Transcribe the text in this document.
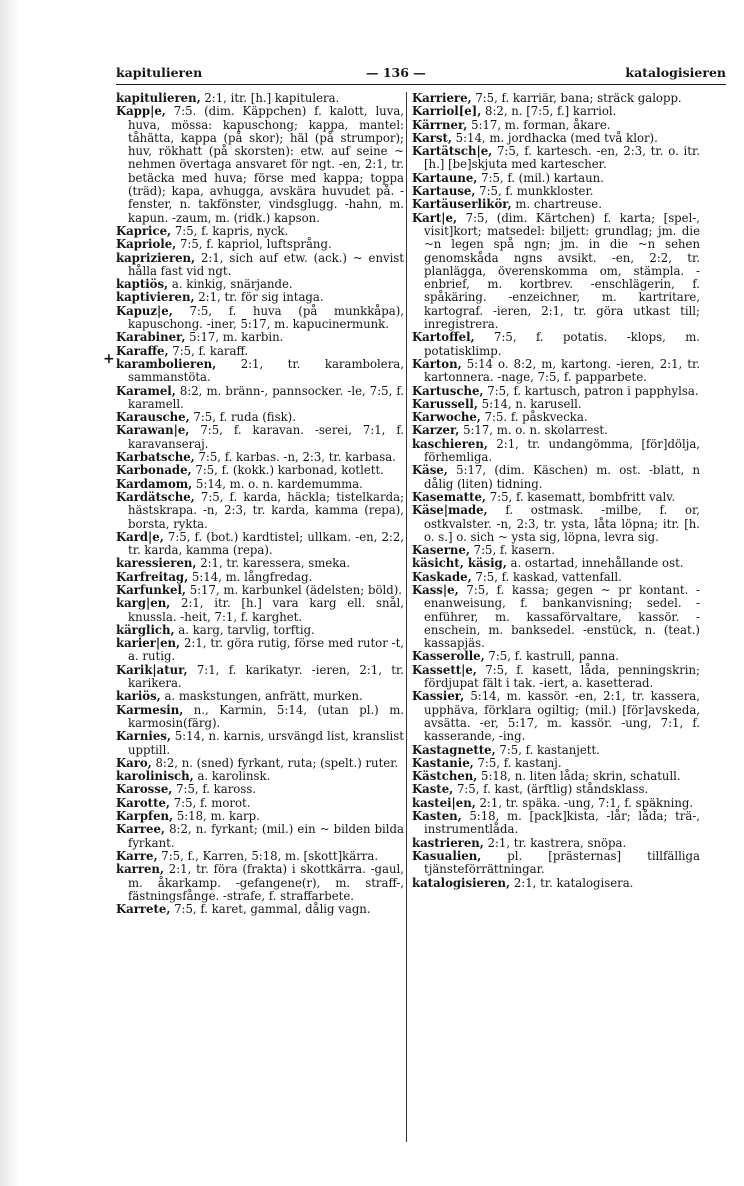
kapitulieren	— 136 —	katalogisieren
+

kapitulieren, 2:1, itr. [h.] kapitulera.

Kapp|e, 7:5. (dim. Käppchen) f. kalott, luva, huva, mössa: kapuschong; kappa, mantel: tåhätta, kappa (på skor); häl (på strumpor); huv, rökhatt (på skorsten): etw. auf seine ~ nehmen övertaga ansvaret för ngt. -en, 2:1, tr. betäcka med huva; förse med kappa; toppa (träd); kapa, avhugga, avskära huvudet på. -fenster, n. takfönster, vindsglugg. -hahn, m. kapun. -zaum, m. (ridk.) kapson.

Kaprice, 7:5, f. kapris, nyck.

Kapriole, 7:5, f. kapriol, luftsprång.

kaprizieren, 2:1, sich auf etw. (ack.) ~ envist hålla fast vid ngt.

kaptiös, a. kinkig, snärjande.

kaptivieren, 2:1, tr. för sig intaga.

Kapuz|e, 7:5, f. huva (på munkkåpa), kapuschong. -iner, 5:17, m. kapucinermunk.

Karabiner, 5:17, m. karbin.

Karaffe, 7:5, f. karaff.

karambolieren, 2:1, tr. karambolera, sammanstöta.

Karamel, 8:2, m. bränn-, pannsocker. -le, 7:5, f. karamell.

Karausche, 7:5, f. ruda (fisk).

Karawan|e, 7:5, f. karavan. -serei, 7:1, f. karavanseraj.

Karbatsche, 7:5, f. karbas. -n, 2:3, tr. karbasa.

Karbonade, 7:5, f. (kokk.) karbonad, kotlett.

Kardamom, 5:14, m. o. n. kardemumma.

Kardätsche, 7:5, f. karda, häckla; tistelkarda; hästskrapa. -n, 2:3, tr. karda, kamma (repa), borsta, rykta.

Kard|e, 7:5, f. (bot.) kardtistel; ullkam. -en, 2:2, tr. karda, kamma (repa).

karessieren, 2:1, tr. karessera, smeka.

Karfreitag, 5:14, m. långfredag.

Karfunkel, 5:17, m. karbunkel (ädelsten; böld).

karg|en, 2:1, itr. [h.] vara karg ell. snål, knussla. -heit, 7:1, f. karghet.

kärglich, a. karg, tarvlig, torftig.

karier|en, 2:1, tr. göra rutig, förse med rutor -t, a. rutig.

Karik|atur, 7:1, f. karikatyr. -ieren, 2:1, tr. karikera.

kariös, a. maskstungen, anfrätt, murken.

Karmesin, n., Karmin, 5:14, (utan pl.) m. karmosin(färg).

Karnies, 5:14, n. karnis, ursvängd list, kranslist upptill.

Karo, 8:2, n. (sned) fyrkant, ruta; (spelt.) ruter.

karolinisch, a. karolinsk.

Karosse, 7:5, f. kaross.

Karotte, 7:5, f. morot.

Karpfen, 5:18, m. karp.

Karree, 8:2, n. fyrkant; (mil.) ein ~ bilden bilda fyrkant.

Karre, 7:5, f., Karren, 5:18, m. [skott]kärra.

karren, 2:1, tr. föra (frakta) i skottkärra. -gaul, m. åkarkamp. -gefangene(r), m. straff-, fästningsfånge. -strafe, f. straffarbete.

Karrete, 7:5, f. karet, gammal, dålig vagn.

Karriere, 7:5, f. karriär, bana; sträck galopp.

Karriol[e], 8:2, n. [7:5, f.] karriol.

Kärrner, 5:17, m. forman, åkare.

Karst, 5:14, m. jordhacka (med två klor).

Kartätsch|e, 7:5, f. kartesch. -en, 2:3, tr. o. itr. [h.] [be]skjuta med kartescher.

Kartaune, 7:5, f. (mil.) kartaun.

Kartause, 7:5, f. munkkloster.

Kartäuserlikör, m. chartreuse.

Kart|e, 7:5, (dim. Kärtchen) f. karta; [spel-, visit]kort; matsedel: biljett: grundlag; jm. die ~n legen spå ngn; jm. in die ~n sehen genomskåda ngns avsikt. -en, 2:2, tr. planlägga, överenskomma om, stämpla. -enbrief, m. kortbrev. -enschlägerin, f. spåkäring. -enzeichner, m. kartritare, kartograf. -ieren, 2:1, tr. göra utkast till; inregistrera.

Kartoffel, 7:5, f. potatis. -klops, m. potatisklimp.

Karton, 5:14 o. 8:2, m, kartong. -ieren, 2:1, tr. kartonnera. -nage, 7:5, f. papparbete.

Kartusche, 7:5, f. kartusch, patron i papphylsa.

Karussell, 5:14, n. karusell.

Karwoche, 7:5. f. påskvecka.

Karzer, 5:17, m. o. n. skolarrest.

kaschieren, 2:1, tr. undangömma, [för]dölja, förhemliga.

Käse, 5:17, (dim. Käschen) m. ost. -blatt, n dålig (liten) tidning.

Kasematte, 7:5, f. kasematt, bombfritt valv.

Käse|made, f. ostmask. -milbe, f. or, ostkvalster. -n, 2:3, tr. ysta, låta löpna; itr. [h. o. s.] o. sich ~ ysta sig, löpna, levra sig.

Kaserne, 7:5, f. kasern.

käsicht, käsig, a. ostartad, innehållande ost.

Kaskade, 7:5, f. kaskad, vattenfall.

Kass|e, 7:5, f. kassa; gegen ~ pr kontant. -enanweisung, f. bankanvisning; sedel. -enführer, m. kassaförvaltare, kassör. -enschein, m. banksedel. -enstück, n. (teat.) kassapjäs.

Kasserolle, 7:5, f. kastrull, panna.

Kassett|e, 7:5, f. kasett, låda, penningskrin; fördjupat fält i tak. -iert, a. kasetterad.

Kassier, 5:14, m. kassör. -en, 2:1, tr. kassera, upphäva, förklara ogiltig; (mil.) [för]avskeda, avsätta. -er, 5:17, m. kassör. -ung, 7:1, f. kasserande, -ing.

Kastagnette, 7:5, f. kastanjett.

Kastanie, 7:5, f. kastanj.

Kästchen, 5:18, n. liten låda; skrin, schatull.

Kaste, 7:5, f. kast, (ärftlig) ståndsklass.

kastei|en, 2:1, tr. späka. -ung, 7:1, f. späkning.

Kasten, 5:18, m. [pack]kista, -lår; låda; trä-, instrumentlåda.

kastrieren, 2:1, tr. kastrera, snöpa.

Kasualien, pl. [prästernas] tillfälliga tjänsteförrättningar.

katalogisieren, 2:1, tr. katalogisera.
